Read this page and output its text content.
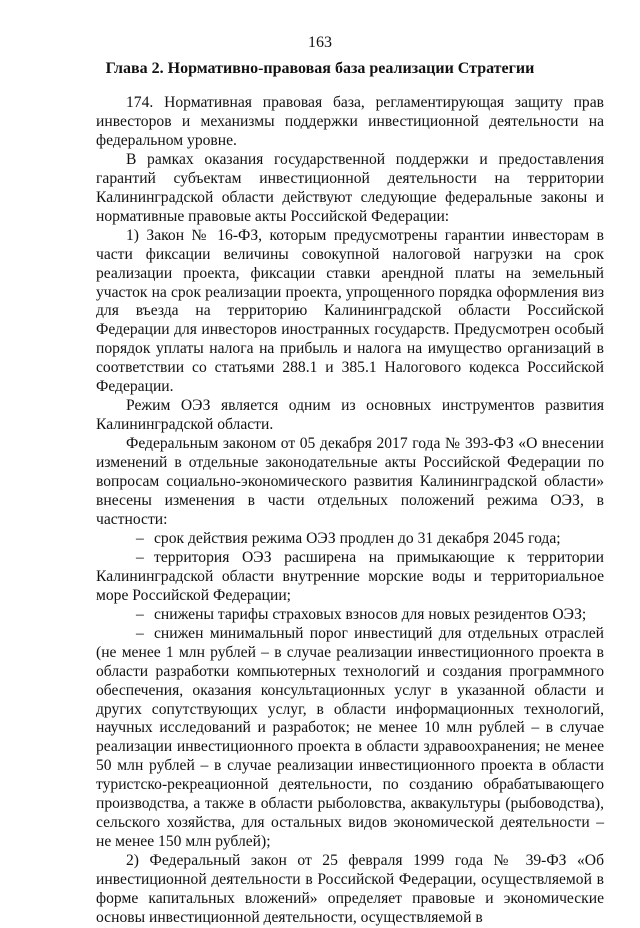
163
Глава 2. Нормативно-правовая база реализации Стратегии

174. Нормативная правовая база, регламентирующая защиту прав инвесторов и механизмы поддержки инвестиционной деятельности на федеральном уровне.

В рамках оказания государственной поддержки и предоставления гарантий субъектам инвестиционной деятельности на территории Калининградской области действуют следующие федеральные законы и нормативные правовые акты Российской Федерации:

1) Закон № 16-ФЗ, которым предусмотрены гарантии инвесторам в части фиксации величины совокупной налоговой нагрузки на срок реализации проекта, фиксации ставки арендной платы на земельный участок на срок реализации проекта, упрощенного порядка оформления виз для въезда на территорию Калининградской области Российской Федерации для инвесторов иностранных государств. Предусмотрен особый порядок уплаты налога на прибыль и налога на имущество организаций в соответствии со статьями 288.1 и 385.1 Налогового кодекса Российской Федерации.

Режим ОЭЗ является одним из основных инструментов развития Калининградской области.

Федеральным законом от 05 декабря 2017 года № 393-ФЗ «О внесении изменений в отдельные законодательные акты Российской Федерации по вопросам социально-экономического развития Калининградской области» внесены изменения в части отдельных положений режима ОЭЗ, в частности:

– срок действия режима ОЭЗ продлен до 31 декабря 2045 года;

– территория ОЭЗ расширена на примыкающие к территории Калининградской области внутренние морские воды и территориальное море Российской Федерации;

– снижены тарифы страховых взносов для новых резидентов ОЭЗ;

– снижен минимальный порог инвестиций для отдельных отраслей (не менее 1 млн рублей – в случае реализации инвестиционного проекта в области разработки компьютерных технологий и создания программного обеспечения, оказания консультационных услуг в указанной области и других сопутствующих услуг, в области информационных технологий, научных исследований и разработок; не менее 10 млн рублей – в случае реализации инвестиционного проекта в области здравоохранения; не менее 50 млн рублей – в случае реализации инвестиционного проекта в области туристско-рекреационной деятельности, по созданию обрабатывающего производства, а также в области рыболовства, аквакультуры (рыбоводства), сельского хозяйства, для остальных видов экономической деятельности – не менее 150 млн рублей);

2) Федеральный закон от 25 февраля 1999 года № 39-ФЗ «Об инвестиционной деятельности в Российской Федерации, осуществляемой в форме капитальных вложений» определяет правовые и экономические основы инвестиционной деятельности, осуществляемой в
